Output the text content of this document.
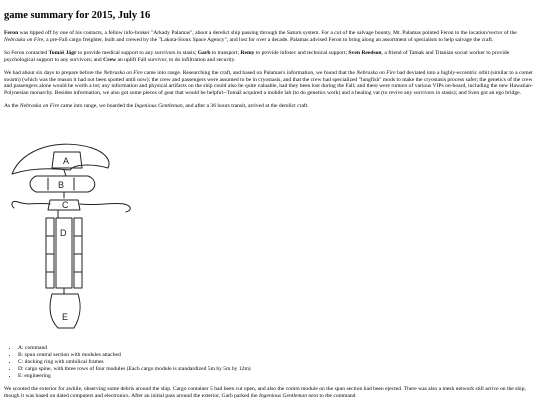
game summary for 2015, July 16

Feron was tipped off by one of his contacts, a fellow info-broker "Arkady Palamas", about a derelict ship passing through the Saturn system. For a cut of the salvage bounty, Mr. Palamas pointed Feron to the location/vector of the Nebraska on Fire, a pre-Fall cargo freighter, built and crewed by the "Lakota-Sioux Space Agency", and lost for over a decade. Palamas advised Feron to bring along an assortment of specialists to help salvage the craft.

So Feron contacted Tomáš Jägr to provide medical support to any survivors in stasis; Garb to transport; Remy to provide infosec and technical support; Sven Reedson, a friend of Tamak and Titanian social worker to provide psychological support to any survivors; and Crew an uplift Fall survivor, to do infiltration and security.

We had about six days to prepare before the Nebraska on Fire came into range. Researching the craft, and based on Palamas's information, we found that the Nebraska on Fire had deviated into a highly-eccentric orbit (similar to a comet swarm) (which was the reason it had not been spotted until now); the crew and passengers were assumed to be in cryostasis, and that the crew had specialized "lungfish" mods to make the cryostasis process safer; the genetics of the crew and passengers alone would be worth a lot; any information and physical artifacts on the ship could also be quite valuable, had they been lost during the Fall; and there were rumors of various VIPs on-board, including the new Hawaiian-Polynesian monarchy. Besides information, we also got some pieces of gear that would be helpful--Tomáš acquired a mobile lab (to do genetics work) and a healing vat (to revive any survivors in stasis); and Sven got an ego bridge.

As the Nebraska on Fire came into range, we boarded the Ingenious Gentleman, and after a 36 hours transit, arrived at the derelict craft.

A
B
C
D
E
• A: command
• B: spun central section with modules attached
• C: docking ring with umbilical frames
• D: cargo spine, with three rows of four modules (Each cargo module is standardized 5m by 5m by 12m)
• E: engineering

We scouted the exterior for awhile, observing some debris around the ship. Cargo container 5 had been cut open, and also the comm module on the spun section had been ejected. There was also a mesh network still active on the ship, though it was based on dated computers and electronics. After an initial pass around the exterior, Garb parked the Ingenious Gentleman next to the command
